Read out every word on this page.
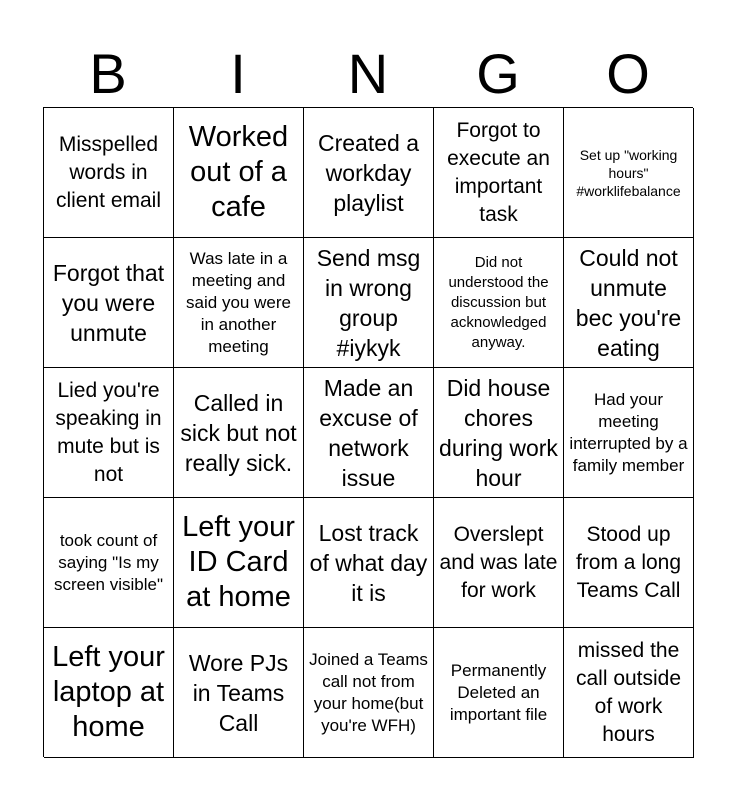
B	I	N	G	O
Misspelled words in client email
Worked out of a cafe
Created a workday playlist
Forgot to execute an important task
Set up "working hours" #worklifebalance
Forgot that you were unmute
Was late in a meeting and said you were in another meeting
Send msg in wrong group #iykyk
Did not understood the discussion but acknowledged anyway.
Could not unmute bec you're eating
Lied you're speaking in mute but is not
Called in sick but not really sick.
Made an excuse of network issue
Did house chores during work hour
Had your meeting interrupted by a family member
took count of saying "Is my screen visible"
Left your ID Card at home
Lost track of what day it is
Overslept and was late for work
Stood up from a long Teams Call
Left your laptop at home
Wore PJs in Teams Call
Joined a Teams call not from your home(but you're WFH)
Permanently Deleted an important file
missed the call outside of work hours
